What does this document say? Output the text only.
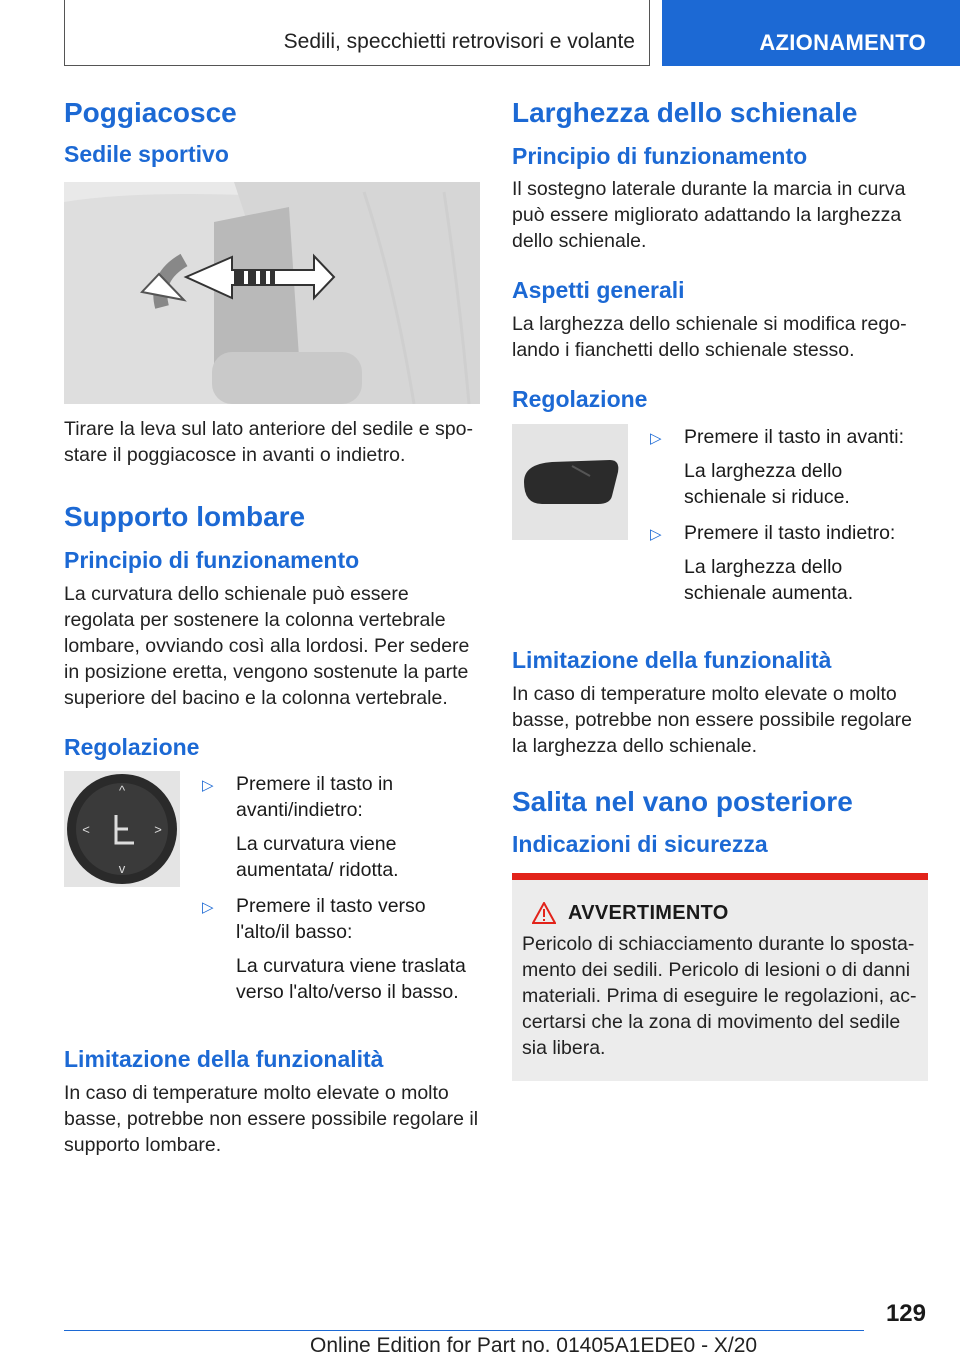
Sedili, specchietti retrovisori e volante	AZIONAMENTO
Poggiacosce
Sedile sportivo

Tirare la leva sul lato anteriore del sedile e spostare il poggiacosce in avanti o indietro.

Supporto lombare
Principio di funzionamento

La curvatura dello schienale può essere regolata per sostenere la colonna vertebrale lombare, ovviando così alla lordosi. Per sedere in posizione eretta, vengono sostenute la parte superiore del bacino e la colonna vertebrale.

Regolazione
^
v
<	>
▷ Premere il tasto in avanti/indietro:
La curvatura viene aumentata/ ridotta.
▷ Premere il tasto verso l'alto/il basso:
La curvatura viene traslata verso l'alto/verso il basso.
Limitazione della funzionalità

In caso di temperature molto elevate o molto basse, potrebbe non essere possibile regolare il supporto lombare.

Larghezza dello schienale
Principio di funzionamento

Il sostegno laterale durante la marcia in curva può essere migliorato adattando la larghezza dello schienale.

Aspetti generali

La larghezza dello schienale si modifica regolando i fianchetti dello schienale stesso.

Regolazione
▷ Premere il tasto in avanti:
La larghezza dello schienale si riduce.
▷ Premere il tasto indietro:
La larghezza dello schienale aumenta.
Limitazione della funzionalità

In caso di temperature molto elevate o molto basse, potrebbe non essere possibile regolare la larghezza dello schienale.

Salita nel vano posteriore
Indicazioni di sicurezza
AVVERTIMENTO

Pericolo di schiacciamento durante lo spostamento dei sedili. Pericolo di lesioni o di danni materiali. Prima di eseguire le regolazioni, accertarsi che la zona di movimento del sedile sia libera.

129
Online Edition for Part no. 01405A1EDE0 - X/20
